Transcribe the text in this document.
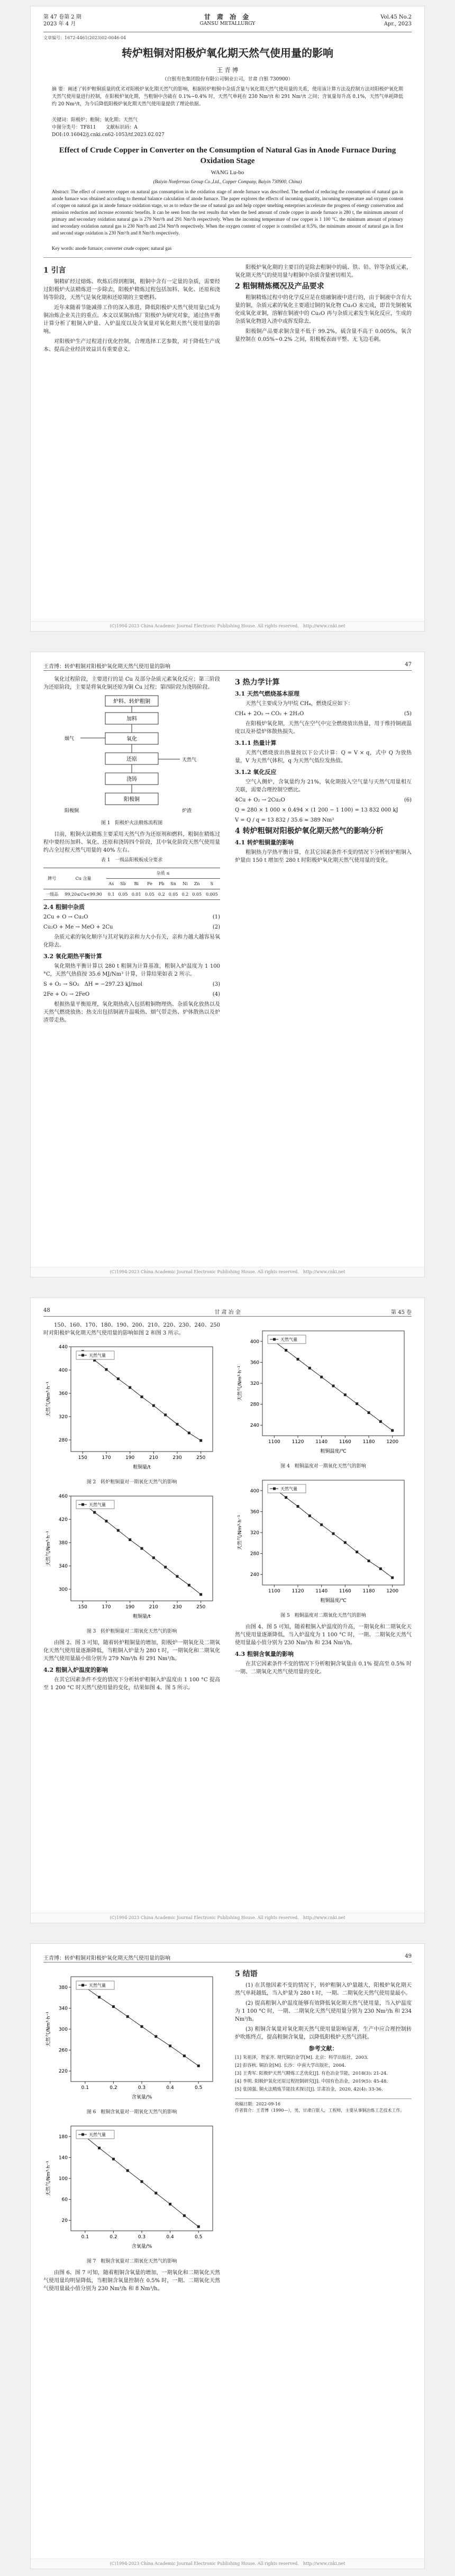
第 47 卷第 2 期
2023 年 4 月
甘 肃 冶 金
GANSU METALLURGY
Vol.45 No.2
Apr., 2023
文章编号：1672-4461(2023)02-0046-04
转炉粗铜对阳极炉氧化期天然气使用量的影响
王 青 博
（白银有色集团股份有限公司铜业公司，甘肃 白银 730900）
摘 要：阐述了转炉粗铜质量的优劣对阳极炉氧化期天然气的影响，根据转炉粗铜中杂质含量与氧化期天然气使用量的关系，使用该计算方法及控制方法对阳极炉氧化期天然气使用量进行控制，在阳极炉氧化期，当粗铜中含硫在 0.1%~0.4% 时，天然气单耗在 230 Nm³/t 和 291 Nm³/t 之间；含氧量每升高 0.1%，天然气单耗降低约 20 Nm³/t，为今后降低阳极炉氧化期天然气使用量提供了理论依据。
关键词：阳极炉；粗铜；氧化期；天然气
中图分类号：TF811　　文献标识码：A
DOI:10.16042/j.cnki.cn62-1053/tf.2023.02.027
Effect of Crude Copper in Converter on the Consumption of Natural Gas in Anode Furnace During Oxidation Stage
WANG Lu-bo
(Baiyin Nonferrous Group Co.,Ltd., Copper Company, Baiyin 730900, China)
Abstract: The effect of converter copper on natural gas consumption in the oxidation stage of anode furnace was described. The method of reducing the consumption of natural gas in anode furnace was obtained according to thermal balance calculation of anode furnace. The paper explores the effects of incoming quantity, incoming temperature and oxygen content of copper on natural gas in anode furnace oxidation stage, so as to reduce the use of natural gas and help copper smelting enterprises accelerate the progress of energy conservation and emission reduction and increase economic benefits. It can be seen from the test results that when the feed amount of crude copper in anode furnace is 280 t, the minimum amount of primary and secondary oxidation natural gas is 279 Nm³/h and 291 Nm³/h respectively. When the incoming temperature of raw copper is 1 100 °C, the minimum amount of primary and secondary oxidation natural gas is 230 Nm³/h and 234 Nm³/h respectively. When the oxygen content of copper is controlled at 0.5%, the minimum amount of natural gas in first and second stage oxidation is 230 Nm³/h and 8 Nm³/h respectively.
Key words: anode furnace; converter crude copper; natural gas
1 引言

铜精矿经过熔炼、吹炼后得到粗铜，粗铜中含有一定量的杂质，需要经过阳极炉火法精炼进一步除去，阳极炉精炼过程包括加料、氧化、还原和浇铸等阶段，天然气是氧化期和还原期的主要燃料。

近年来随着节能减排工作的深入推进，降低阳极炉天然气使用量已成为铜冶炼企业关注的重点。本文以某铜冶炼厂阳极炉为研究对象，通过热平衡计算分析了粗铜入炉量、入炉温度以及含氧量对氧化期天然气使用量的影响。

对阳极炉生产过程进行优化控制，合理选择工艺参数，对于降低生产成本、提高企业经济效益具有重要意义。

阳极炉氧化期的主要目的是除去粗铜中的硫、铁、铅、锌等杂质元素，氧化期天然气的使用量与粗铜中杂质含量密切相关。

2 粗铜精炼概况及产品要求

粗铜精炼过程中的化学反应是在熔融铜液中进行的，由于铜液中含有大量的铜，杂质元素的氧化主要通过铜的氧化物 Cu₂O 来完成，即首先铜被氧化成氧化亚铜，溶解在铜液中的 Cu₂O 再与杂质元素发生氧化反应，生成的杂质氧化物进入渣中或挥发除去。

阳极铜产品要求铜含量不低于 99.2%，硫含量不高于 0.005%，氧含量控制在 0.05%~0.2% 之间，阳极板表面平整、无飞边毛刺。

(C)1994-2023 China Academic Journal Electronic Publishing House. All rights reserved.　http://www.cnki.net
王青博：转炉粗铜对阳极炉氧化期天然气使用量的影响	47

氧化过程阶段，主要进行的是 Cu 及部分杂质元素氧化反应；第三阶段为还原阶段，主要是将氧化铜还原为铜 Cu 过程；第四阶段为浇铸阶段。

炉料、转炉粗铜
加料
氧化
还原
浇铸
阳极铜
烟气
天然气
阳极铜	炉渣
图 1　阳极炉火法精炼流程图

目前，粗铜火法精炼主要采用天然气作为还原剂和燃料，粗铜在精炼过程中要经历加料、氧化、还原和浇铸四个阶段，其中氧化阶段天然气使用量约占全过程天然气用量的 40% 左右。

表 1　一级品阳极板成分要求
牌号	Cu 含量	杂质 ≤								
		As	Sb	Bi	Fe	Pb	Sn	Ni	Zn	S
一级品	99.20≤Cu<99.90	0.1	0.05	0.01	0.05	0.2	0.05	0.2	0.05	0.005
2.4 粗铜中杂质
2Cu + O → Cu₂O	(1)
Cu₂O + Me → MeO + 2Cu	(2)

杂质元素的氧化顺序与其对氧的亲和力大小有关，亲和力越大越容易氧化除去。

3.2 氧化期热平衡计算

氧化期热平衡计算以 280 t 粗铜为计算基准，粗铜入炉温度为 1 100 °C，天然气热值按 35.6 MJ/Nm³ 计算，计算结果如表 2 所示。

S + O₂ → SO₂　ΔH = −297.23 kJ/mol	(3)
2Fe + O₂ → 2FeO	(4)

根据热量平衡原理，氧化期热收入包括粗铜物理热、杂质氧化放热以及天然气燃烧放热；热支出包括铜液升温吸热、烟气带走热、炉体散热以及炉渣带走热。

3 热力学计算
3.1 天然气燃烧基本原理

天然气主要成分为甲烷 CH₄，燃烧反应如下：

CH₄ + 2O₂ → CO₂ + 2H₂O	(5)

在阳极炉氧化期，天然气在空气中完全燃烧放出热量，用于维持铜液温度以及补偿炉体散热损失。

3.1.1 热量计算

天然气燃烧放出热量按以下公式计算：Q = V × q，式中 Q 为放热量，V 为天然气体积，q 为天然气低位发热值。

3.1.2 氧化反应

空气入侧炉，含氧量约为 21%，氧化期鼓入空气量与天然气用量相互关联，需要合理控制空燃比。

4Cu + O₂ → 2Cu₂O	(6)
Q = 280 × 1 000 × 0.494 × (1 200 − 1 100) = 13 832 000 kJ
V = Q / q = 13 832 / 35.6 ≈ 389 Nm³
4 转炉粗铜对阳极炉氧化期天然气的影响分析
4.1 转炉粗铜量的影响

粗铜热力学热平衡计算，在其它因素条件不变的情况下分析转炉粗铜入炉量由 150 t 增加至 280 t 时阳极炉氧化期天然气使用量的变化。

(C)1994-2023 China Academic Journal Electronic Publishing House. All rights reserved.　http://www.cnki.net
48	甘 肃 冶 金	第 45 卷

150、160、170、180、190、200、210、220、230、240、250 时对阳极炉氧化期天然气使用量的影响如图 2 和图 3 所示。

150	170	190	210	230	250
280
320
360
400
440
粗铜量/t
天然气/Nm³·h⁻¹
天然气量
图 2　转炉粗铜量对一期氧化天然气的影响
150	170	190	210	230	250
300
340
380
420
460
粗铜量/t
天然气/Nm³·h⁻¹
天然气量
图 3　转炉粗铜量对二期氧化天然气的影响

由图 2、图 3 可知，随着转炉粗铜量的增加，阳极炉一期氧化及二期氧化天然气使用量逐渐降低，当粗铜入炉量为 280 t 时，一期氧化和二期氧化天然气使用量最小值分别为 279 Nm³/h 和 291 Nm³/h。

4.2 粗铜入炉温度的影响

在其它因素条件不变的情况下分析转炉粗铜入炉温度由 1 100 °C 提高至 1 200 °C 时天然气使用量的变化，结果如图 4、图 5 所示。

1100 1120 1140 1160 1180 1200
240
280
320
360
400
粗铜温度/℃
天然气/Nm³·h⁻¹
天然气量
图 4　粗铜温度对一期氧化天然气的影响
1100 1120 1140 1160 1180 1200
240
280
320
360
400
粗铜温度/℃
天然气/Nm³·h⁻¹
天然气量
图 5　粗铜温度对二期氧化天然气的影响

由图 4、图 5 可知，随着粗铜入炉温度的升高，一期氧化和二期氧化天然气使用量逐渐降低，当入炉温度为 1 100 °C 时，一期、二期氧化天然气使用量最小值分别为 230 Nm³/h 和 234 Nm³/h。

4.3 粗铜含氧量的影响

在其它因素条件不变的情况下分析粗铜含氧量由 0.1% 提高至 0.5% 时一期、二期氧化天然气使用量的变化。

(C)1994-2023 China Academic Journal Electronic Publishing House. All rights reserved.　http://www.cnki.net
王青博：转炉粗铜对阳极炉氧化期天然气使用量的影响	49
0.1	0.2	0.3	0.4	0.5
220
260
300
340
380
含氧量/%
天然气/Nm³·h⁻¹
天然气量
图 6　粗铜含氧量对一期氧化天然气的影响
0.1	0.2	0.3	0.4	0.5
20
60
100
140
180
含氧量/%
天然气/Nm³·h⁻¹
天然气量
图 7　粗铜含氧量对二期氧化天然气的影响

由图 6、图 7 可知，随着粗铜含氧量的增加，一期氧化和二期氧化天然气使用量均明显降低，当粗铜含氧量控制在 0.5% 时，一期、二期氧化天然气使用量最小值分别为 230 Nm³/h 和 8 Nm³/h。

5 结语

(1) 在其他因素不变的情况下，转炉粗铜入炉量越大，阳极炉氧化期天然气单耗越低，当入炉量为 280 t 时，一期、二期氧化天然气使用量最小。

(2) 提高粗铜入炉温度能够有效降低氧化期天然气使用量，当入炉温度为 1 100 °C 时，一期、二期氧化天然气使用量分别为 230 Nm³/h 和 234 Nm³/h。

(3) 粗铜含氧量对氧化期天然气使用量影响显著，生产中应合理控制转炉吹炼终点，提高粗铜含氧量，以降低阳极炉天然气消耗。

参考文献：

[1] 朱祖泽，贺家齐. 现代铜冶金学[M]. 北京：科学出版社，2003.

[2] 彭容秋. 铜冶金[M]. 长沙：中南大学出版社，2004.

[3] 王秀军. 阳极炉天然气精炼工艺优化[J]. 有色冶金节能，2018(3): 21-24.

[4] 李明. 阳极炉氧化还原过程控制研究[J]. 中国有色冶金，2019(5): 45-48.

[5] 张国强. 铜火法精炼节能技术探讨[J]. 甘肃冶金，2020, 42(4): 33-36.

收稿日期：2022-09-16
作者简介：王青博（1990—），男，甘肃白银人，工程师，主要从事铜冶炼工艺技术工作。
(C)1994-2023 China Academic Journal Electronic Publishing House. All rights reserved.　http://www.cnki.net
